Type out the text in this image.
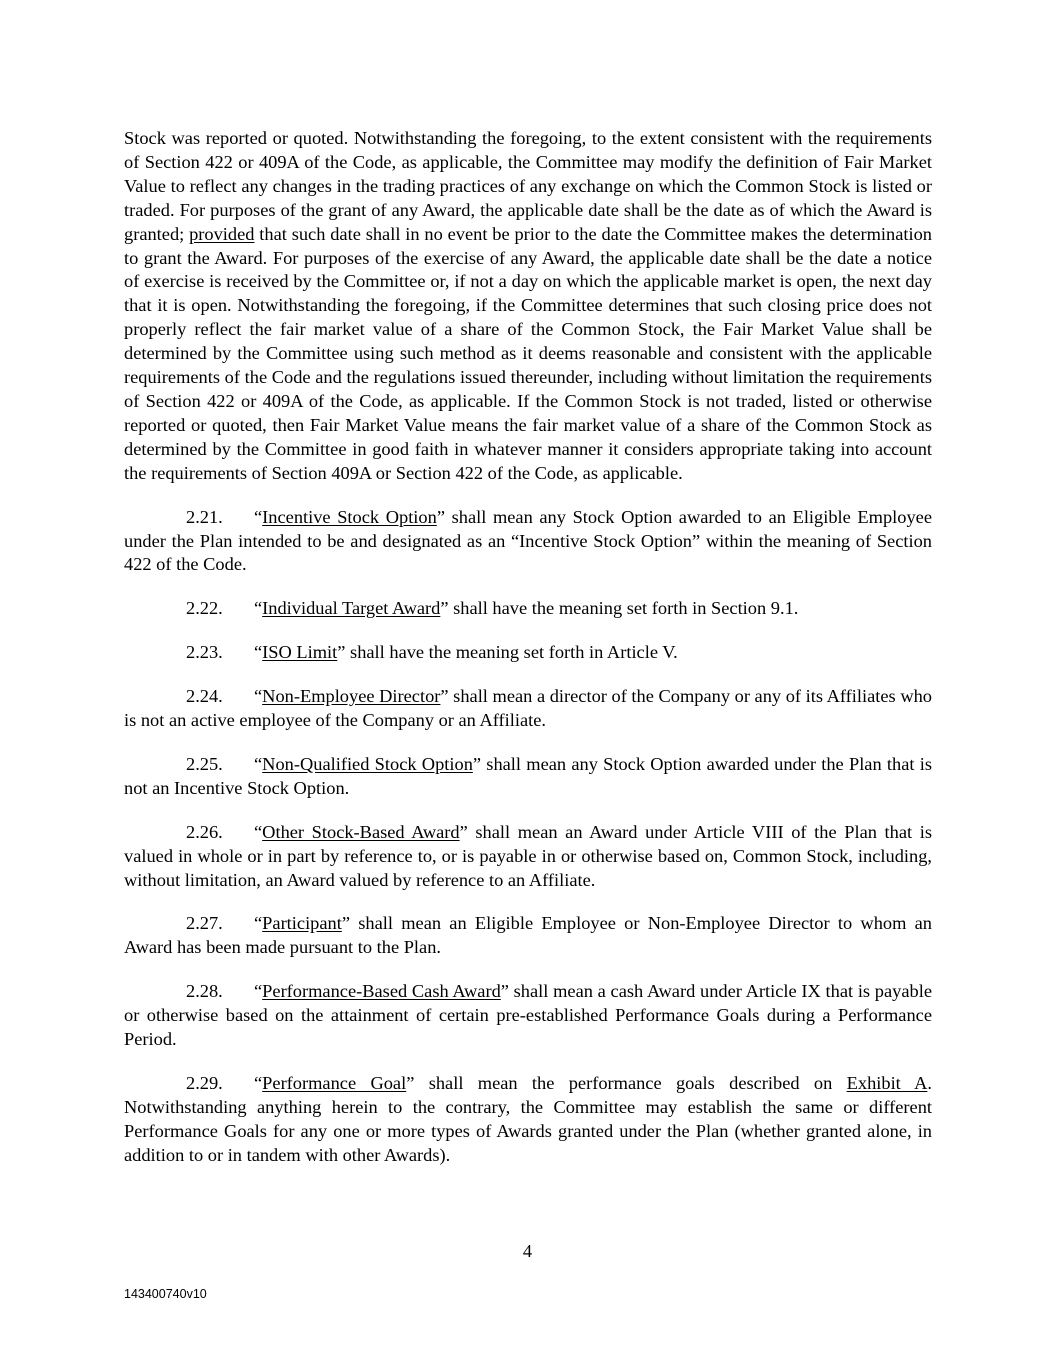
Stock was reported or quoted. Notwithstanding the foregoing, to the extent consistent with the requirements of Section 422 or 409A of the Code, as applicable, the Committee may modify the definition of Fair Market Value to reflect any changes in the trading practices of any exchange on which the Common Stock is listed or traded. For purposes of the grant of any Award, the applicable date shall be the date as of which the Award is granted; provided that such date shall in no event be prior to the date the Committee makes the determination to grant the Award. For purposes of the exercise of any Award, the applicable date shall be the date a notice of exercise is received by the Committee or, if not a day on which the applicable market is open, the next day that it is open. Notwithstanding the foregoing, if the Committee determines that such closing price does not properly reflect the fair market value of a share of the Common Stock, the Fair Market Value shall be determined by the Committee using such method as it deems reasonable and consistent with the applicable requirements of the Code and the regulations issued thereunder, including without limitation the requirements of Section 422 or 409A of the Code, as applicable. If the Common Stock is not traded, listed or otherwise reported or quoted, then Fair Market Value means the fair market value of a share of the Common Stock as determined by the Committee in good faith in whatever manner it considers appropriate taking into account the requirements of Section 409A or Section 422 of the Code, as applicable.

2.21. “Incentive Stock Option” shall mean any Stock Option awarded to an Eligible Employee under the Plan intended to be and designated as an “Incentive Stock Option” within the meaning of Section 422 of the Code.

2.22. “Individual Target Award” shall have the meaning set forth in Section 9.1.

2.23. “ISO Limit” shall have the meaning set forth in Article V.

2.24. “Non-Employee Director” shall mean a director of the Company or any of its Affiliates who is not an active employee of the Company or an Affiliate.

2.25. “Non-Qualified Stock Option” shall mean any Stock Option awarded under the Plan that is not an Incentive Stock Option.

2.26. “Other Stock-Based Award” shall mean an Award under Article VIII of the Plan that is valued in whole or in part by reference to, or is payable in or otherwise based on, Common Stock, including, without limitation, an Award valued by reference to an Affiliate.

2.27. “Participant” shall mean an Eligible Employee or Non-Employee Director to whom an Award has been made pursuant to the Plan.

2.28. “Performance-Based Cash Award” shall mean a cash Award under Article IX that is payable or otherwise based on the attainment of certain pre-established Performance Goals during a Performance Period.

2.29. “Performance Goal” shall mean the performance goals described on Exhibit A. Notwithstanding anything herein to the contrary, the Committee may establish the same or different Performance Goals for any one or more types of Awards granted under the Plan (whether granted alone, in addition to or in tandem with other Awards).

4
143400740v10
